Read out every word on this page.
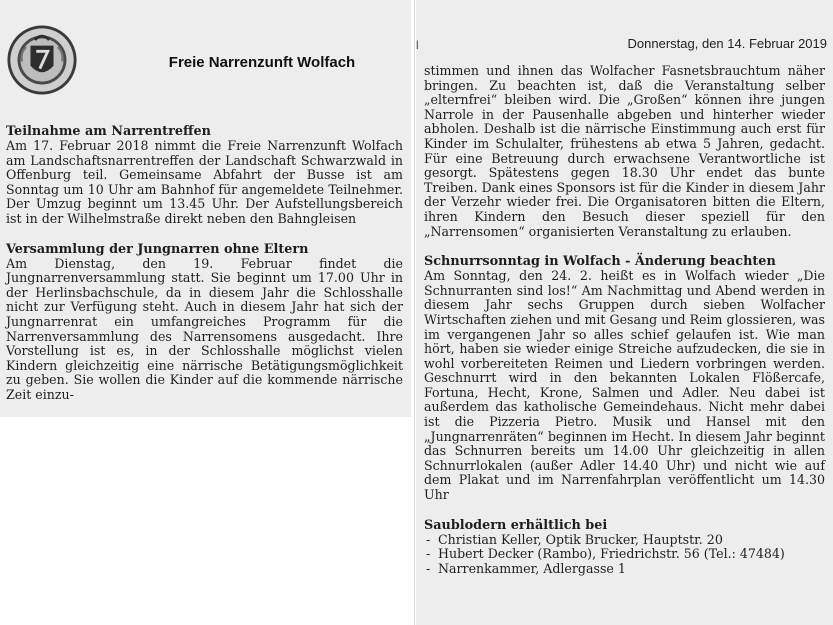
Freie Narrenzunft Wolfach
Teilnahme am Narrentreffen

Am 17. Februar 2018 nimmt die Freie Narrenzunft Wolfach am Landschaftsnarrentreffen der Landschaft Schwarzwald in Offenburg teil. Gemeinsame Abfahrt der Busse ist am Sonntag um 10 Uhr am Bahnhof für angemeldete Teilnehmer. Der Umzug beginnt um 13.45 Uhr. Der Aufstellungsbereich ist in der Wilhelmstraße direkt neben den Bahngleisen

Versammlung der Jungnarren ohne Eltern

Am Dienstag, den 19. Februar findet die Jungnarrenversammlung statt. Sie beginnt um 17.00 Uhr in der Herlinsbachschule, da in diesem Jahr die Schlosshalle nicht zur Verfügung steht. Auch in diesem Jahr hat sich der Jungnarrenrat ein umfangreiches Programm für die Narrenversammlung des Narrensomens ausgedacht. Ihre Vorstellung ist es, in der Schlosshalle möglichst vielen Kindern gleichzeitig eine närrische Betätigungsmöglichkeit zu geben. Sie wollen die Kinder auf die kommende närrische Zeit einzu-

l	Donnerstag, den 14. Februar 2019

stimmen und ihnen das Wolfacher Fasnetsbrauchtum näher bringen. Zu beachten ist, daß die Veranstaltung selber „elternfrei“ bleiben wird. Die „Großen“ können ihre jungen Narrole in der Pausenhalle abgeben und hinterher wieder abholen. Deshalb ist die närrische Einstimmung auch erst für Kinder im Schulalter, frühestens ab etwa 5 Jahren, gedacht. Für eine Betreuung durch erwachsene Verantwortliche ist gesorgt. Spätestens gegen 18.30 Uhr endet das bunte Treiben. Dank eines Sponsors ist für die Kinder in diesem Jahr der Verzehr wieder frei. Die Organisatoren bitten die Eltern, ihren Kindern den Besuch dieser speziell für den „Narrensomen“ organisierten Veranstaltung zu erlauben.

Schnurrsonntag in Wolfach - Änderung beachten

Am Sonntag, den 24. 2. heißt es in Wolfach wieder „Die Schnurranten sind los!“ Am Nachmittag und Abend werden in diesem Jahr sechs Gruppen durch sieben Wolfacher Wirtschaften ziehen und mit Gesang und Reim glossieren, was im vergangenen Jahr so alles schief gelaufen ist. Wie man hört, haben sie wieder einige Streiche aufzudecken, die sie in wohl vorbereiteten Reimen und Liedern vorbringen werden. Geschnurrt wird in den bekannten Lokalen Flößercafe, Fortuna, Hecht, Krone, Salmen und Adler. Neu dabei ist außerdem das katholische Gemeindehaus. Nicht mehr dabei ist die Pizzeria Pietro. Musik und Hansel mit den „Jungnarrenräten“ beginnen im Hecht. In diesem Jahr beginnt das Schnurren bereits um 14.00 Uhr gleichzeitig in allen Schnurrlokalen (außer Adler 14.40 Uhr) und nicht wie auf dem Plakat und im Narrenfahrplan veröffentlicht um 14.30 Uhr

Saublodern erhältlich bei
- Christian Keller, Optik Brucker, Hauptstr. 20
- Hubert Decker (Rambo), Friedrichstr. 56 (Tel.: 47484)
- Narrenkammer, Adlergasse 1
